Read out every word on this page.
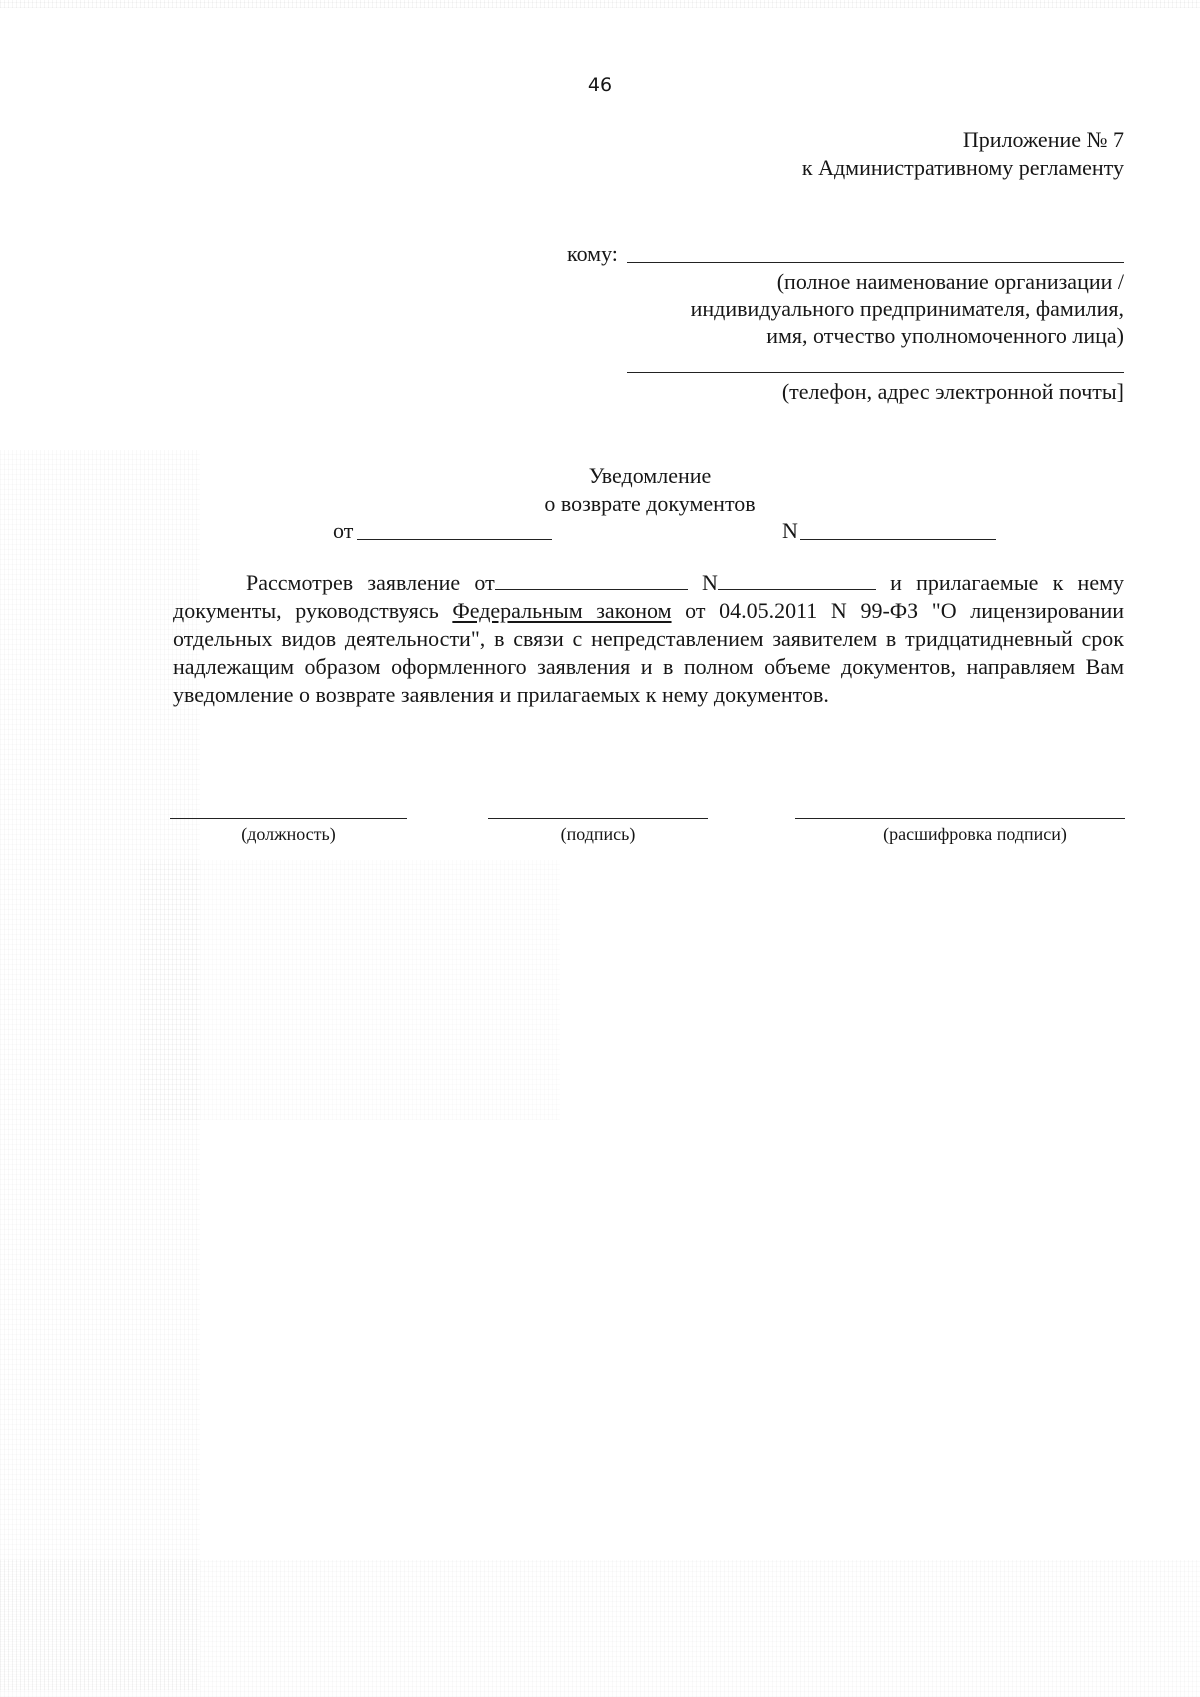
46
Приложение № 7
к Административному регламенту
кому:
(полное наименование организации /
индивидуального предпринимателя, фамилия,
имя, отчество уполномоченного лица)
(телефон, адрес электронной почты]
Уведомление
о возврате документов
от	N
Рассмотрев заявление от	N	и прилагаемые к нему документы, руководствуясь Федеральным законом от 04.05.2011 N 99-ФЗ "О лицензировании отдельных видов деятельности", в связи с непредставлением заявителем в тридцатидневный срок надлежащим образом оформленного заявления и в полном объеме документов, направляем Вам уведомление о возврате заявления и прилагаемых к нему документов.
(должность)	(подпись)	(расшифровка подписи)
